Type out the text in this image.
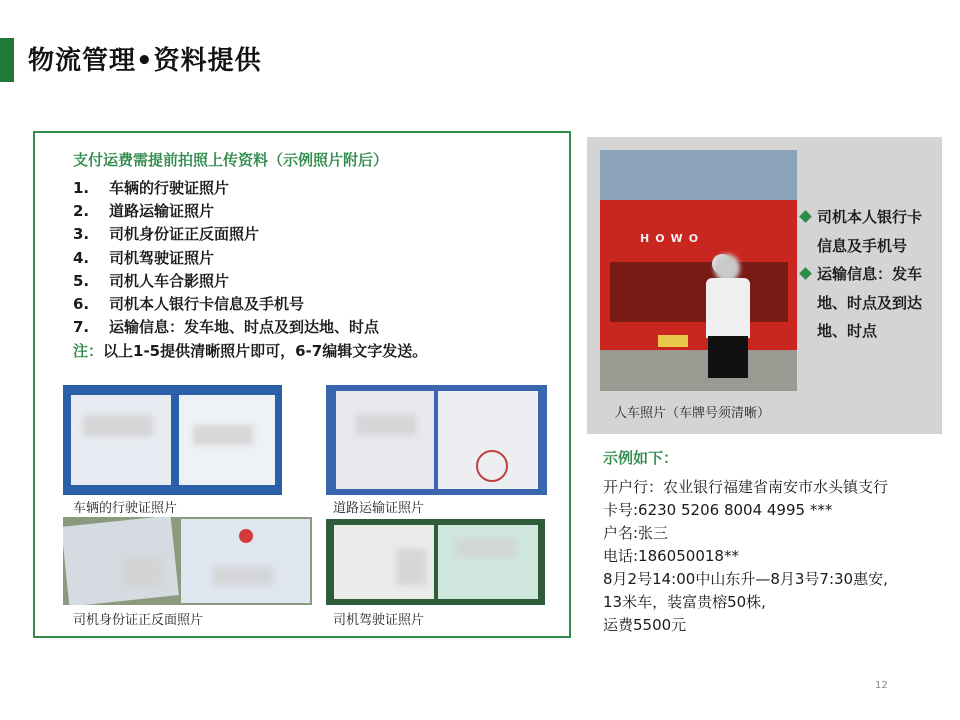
物流管理•资料提供
支付运费需提前拍照上传资料（示例照片附后）
1.	车辆的行驶证照片
2.	道路运输证照片
3.	司机身份证正反面照片
4.	司机驾驶证照片
5.	司机人车合影照片
6.	司机本人银行卡信息及手机号
7.	运输信息：发车地、时点及到达地、时点
注：以上1-5提供清晰照片即可，6-7编辑文字发送。
车辆的行驶证照片	道路运输证照片
司机身份证正反面照片	司机驾驶证照片
HOWO
人车照片（车牌号须清晰）
司机本人银行卡信息及手机号
运输信息：发车地、时点及到达地、时点
示例如下：
开户行：农业银行福建省南安市水头镇支行
卡号:6230 5206 8004 4995 ***
户名:张三
电话:186050018**
8月2号14:00中山东升—8月3号7:30惠安,
13米车，装富贵榕50株,
运费5500元
12
